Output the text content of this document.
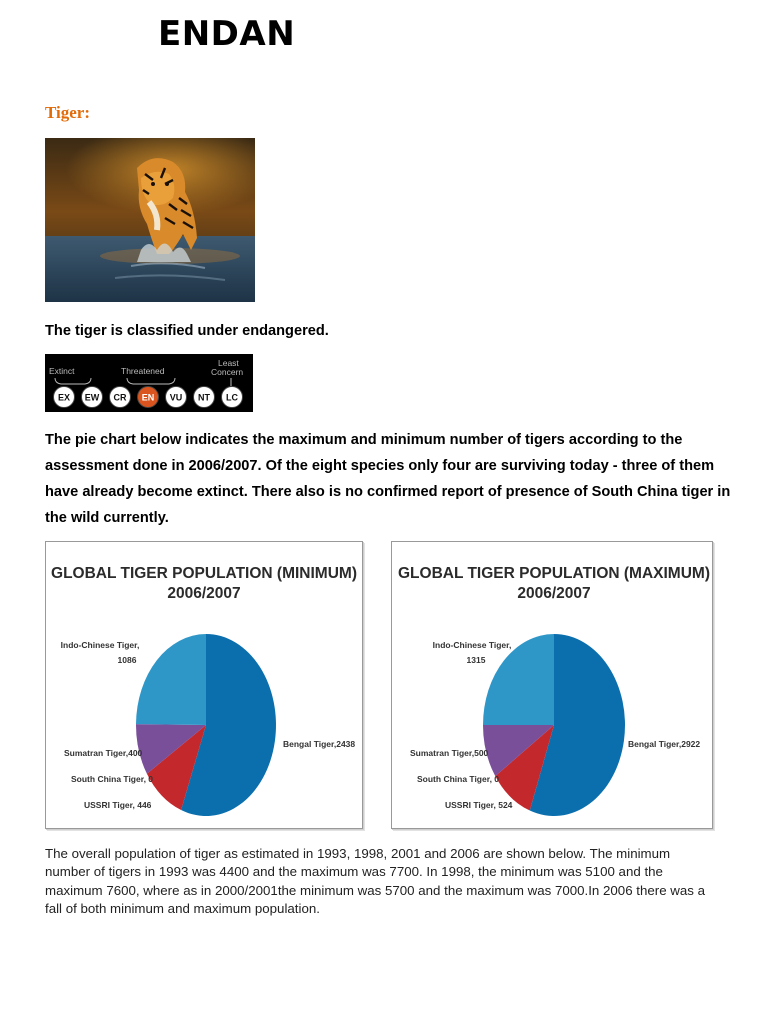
ENDAN
Tiger:
The tiger is classified under endangered.
Extinct	Threatened
Least
Concern
EX EW CR EN VU NT LC
The pie chart below indicates the maximum and minimum number of tigers according to the assessment done in 2006/2007. Of the eight species only four are surviving today - three of them have already become extinct. There also is no confirmed report of presence of South China tiger in the wild currently.
GLOBAL TIGER POPULATION (MINIMUM)
2006/2007
Indo-Chinese Tiger,
1086
Bengal Tiger,2438
Sumatran Tiger,400
South China Tiger, 0
USSRI Tiger, 446
GLOBAL TIGER POPULATION (MAXIMUM)
2006/2007
Indo-Chinese Tiger,
1315
Bengal Tiger,2922
Sumatran Tiger,500
South China Tiger, 0
USSRI Tiger, 524
The overall population of tiger as estimated in 1993, 1998, 2001 and 2006 are shown below. The minimum number of tigers in 1993 was 4400 and the maximum was 7700. In 1998, the minimum was 5100 and the maximum 7600, where as in 2000/2001the minimum was 5700 and the maximum was 7000.In 2006 there was a fall of both minimum and maximum population.
